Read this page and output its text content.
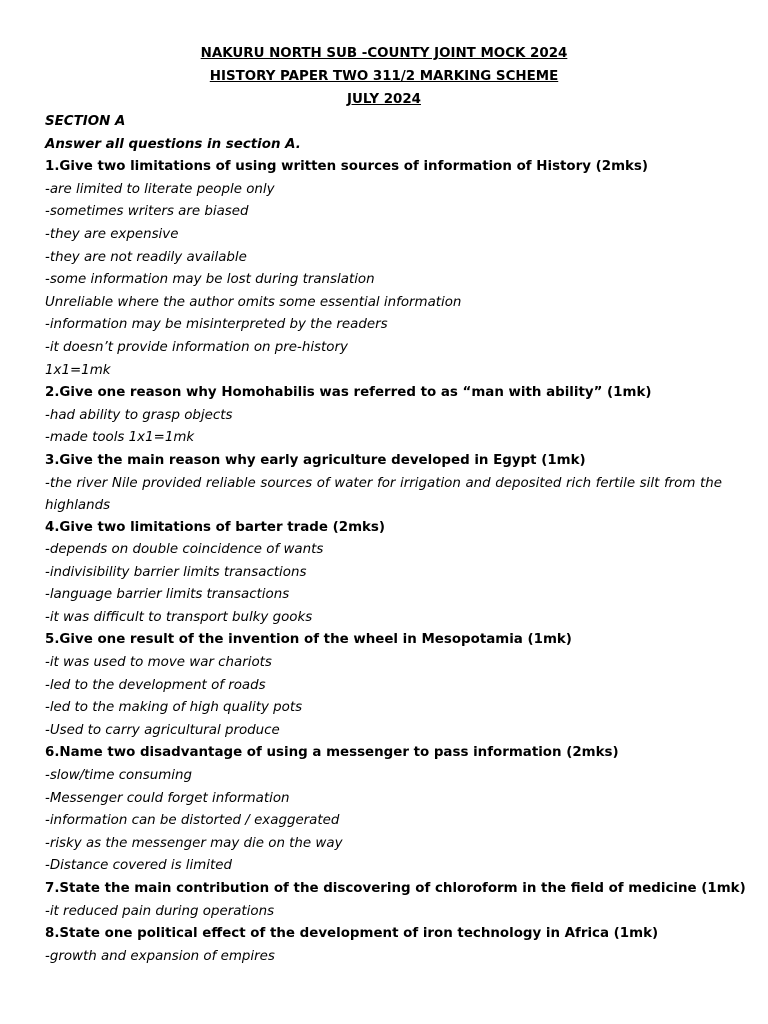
NAKURU NORTH SUB -COUNTY JOINT MOCK 2024
HISTORY PAPER TWO 311/2 MARKING SCHEME
JULY 2024
SECTION A
Answer all questions in section A.
1.Give two limitations of using written sources of information of History (2mks)
-are limited to literate people only
-sometimes writers are biased
-they are expensive
-they are not readily available
-some information may be lost during translation
Unreliable where the author omits some essential information
-information may be misinterpreted by the readers
-it doesn’t provide information on pre-history
1x1=1mk
2.Give one reason why Homohabilis was referred to as “man with ability” (1mk)
-had ability to grasp objects
-made tools 1x1=1mk
3.Give the main reason why early agriculture developed in Egypt (1mk)
-the river Nile provided reliable sources of water for irrigation and deposited rich fertile silt from the highlands
4.Give two limitations of barter trade (2mks)
-depends on double coincidence of wants
-indivisibility barrier limits transactions
-language barrier limits transactions
-it was difficult to transport bulky gooks
5.Give one result of the invention of the wheel in Mesopotamia (1mk)
-it was used to move war chariots
-led to the development of roads
-led to the making of high quality pots
-Used to carry agricultural produce
6.Name two disadvantage of using a messenger to pass information (2mks)
-slow/time consuming
-Messenger could forget information
-information can be distorted / exaggerated
-risky as the messenger may die on the way
-Distance covered is limited
7.State the main contribution of the discovering of chloroform in the field of medicine (1mk)
-it reduced pain during operations
8.State one political effect of the development of iron technology in Africa (1mk)
-growth and expansion of empires
